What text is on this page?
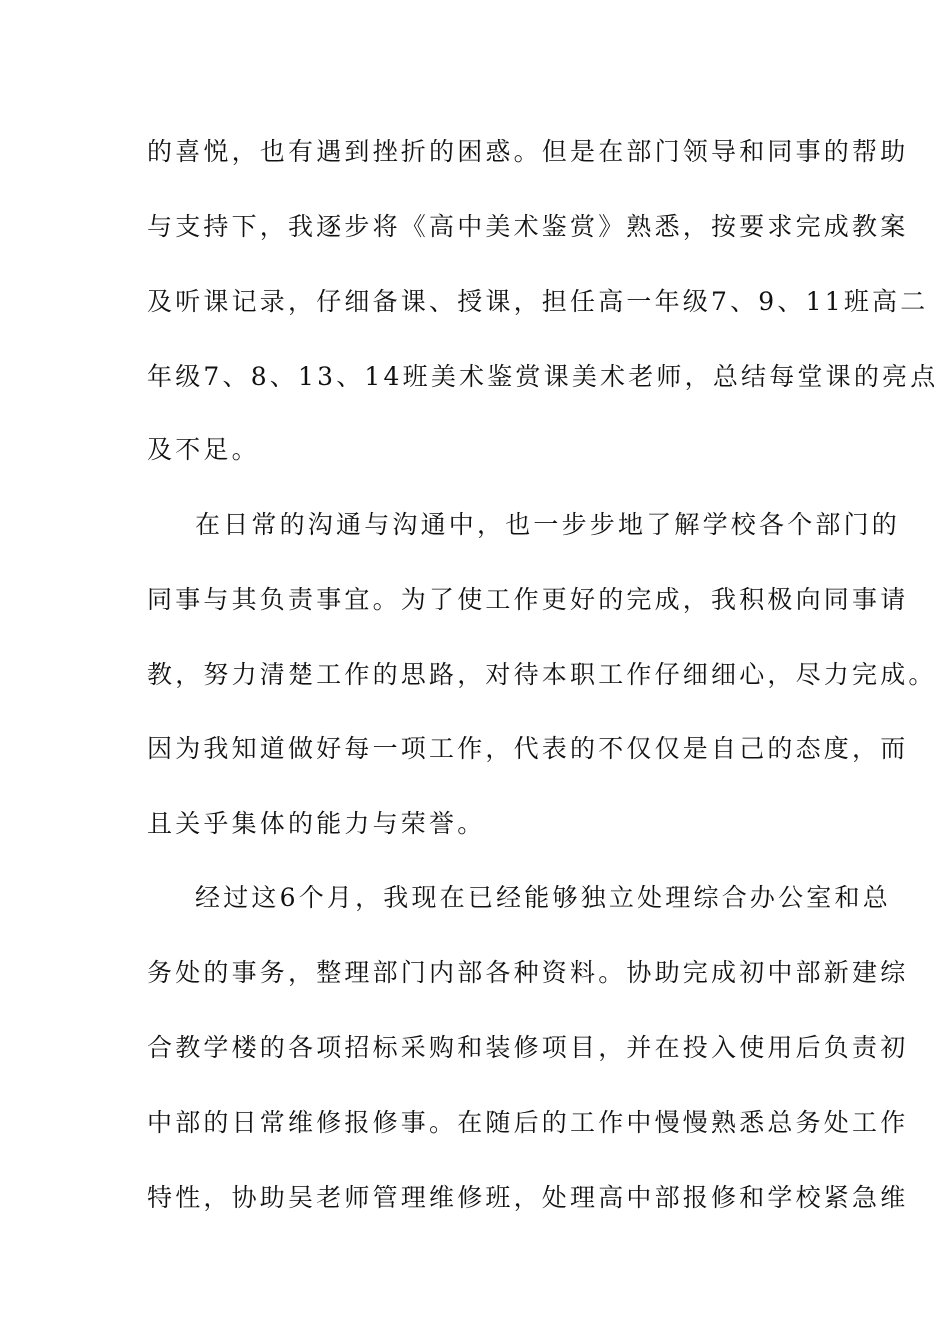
的喜悦，也有遇到挫折的困惑。但是在部门领导和同事的帮助
与支持下，我逐步将《高中美术鉴赏》熟悉，按要求完成教案
及听课记录，仔细备课、授课，担任高一年级7、9、11班高二
年级7、8、13、14班美术鉴赏课美术老师，总结每堂课的亮点
及不足。
在日常的沟通与沟通中，也一步步地了解学校各个部门的
同事与其负责事宜。为了使工作更好的完成，我积极向同事请
教，努力清楚工作的思路，对待本职工作仔细细心，尽力完成。
因为我知道做好每一项工作，代表的不仅仅是自己的态度，而
且关乎集体的能力与荣誉。
经过这6个月，我现在已经能够独立处理综合办公室和总
务处的事务，整理部门内部各种资料。协助完成初中部新建综
合教学楼的各项招标采购和装修项目，并在投入使用后负责初
中部的日常维修报修事。在随后的工作中慢慢熟悉总务处工作
特性，协助吴老师管理维修班，处理高中部报修和学校紧急维
